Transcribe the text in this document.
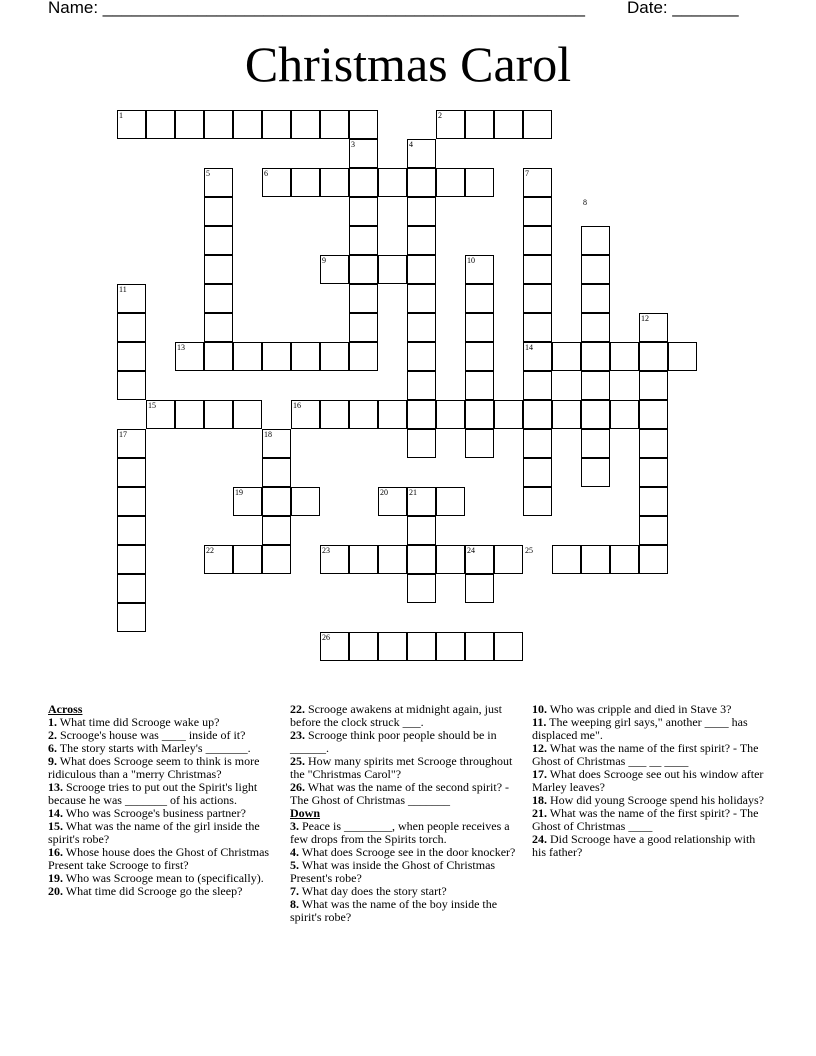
Name: ___________________________________________________ Date: _______
Christmas Carol
1	2
3	4
5	6	7
8
9	10
11
12
13	14
15	16
17	18
19	20	21
22	23	24	25
26
Across
1. What time did Scrooge wake up?
2. Scrooge's house was ____ inside of it?
6. The story starts with Marley's _______.
9. What does Scrooge seem to think is more ridiculous than a "merry Christmas?
13. Scrooge tries to put out the Spirit's light because he was _______ of his actions.
14. Who was Scrooge's business partner?
15. What was the name of the girl inside the spirit's robe?
16. Whose house does the Ghost of Christmas Present take Scrooge to first?
19. Who was Scrooge mean to (specifically).
20. What time did Scrooge go the sleep?
22. Scrooge awakens at midnight again, just before the clock struck ___.
23. Scrooge think poor people should be in ______.
25. How many spirits met Scrooge throughout the "Christmas Carol"?
26. What was the name of the second spirit? - The Ghost of Christmas _______
Down
3. Peace is ________, when people receives a few drops from the Spirits torch.
4. What does Scrooge see in the door knocker?
5. What was inside the Ghost of Christmas Present's robe?
7. What day does the story start?
8. What was the name of the boy inside the spirit's robe?
10. Who was cripple and died in Stave 3?
11. The weeping girl says," another ____ has displaced me".
12. What was the name of the first spirit? - The Ghost of Christmas ___ __ ____
17. What does Scrooge see out his window after Marley leaves?
18. How did young Scrooge spend his holidays?
21. What was the name of the first spirit? - The Ghost of Christmas ____
24. Did Scrooge have a good relationship with his father?
